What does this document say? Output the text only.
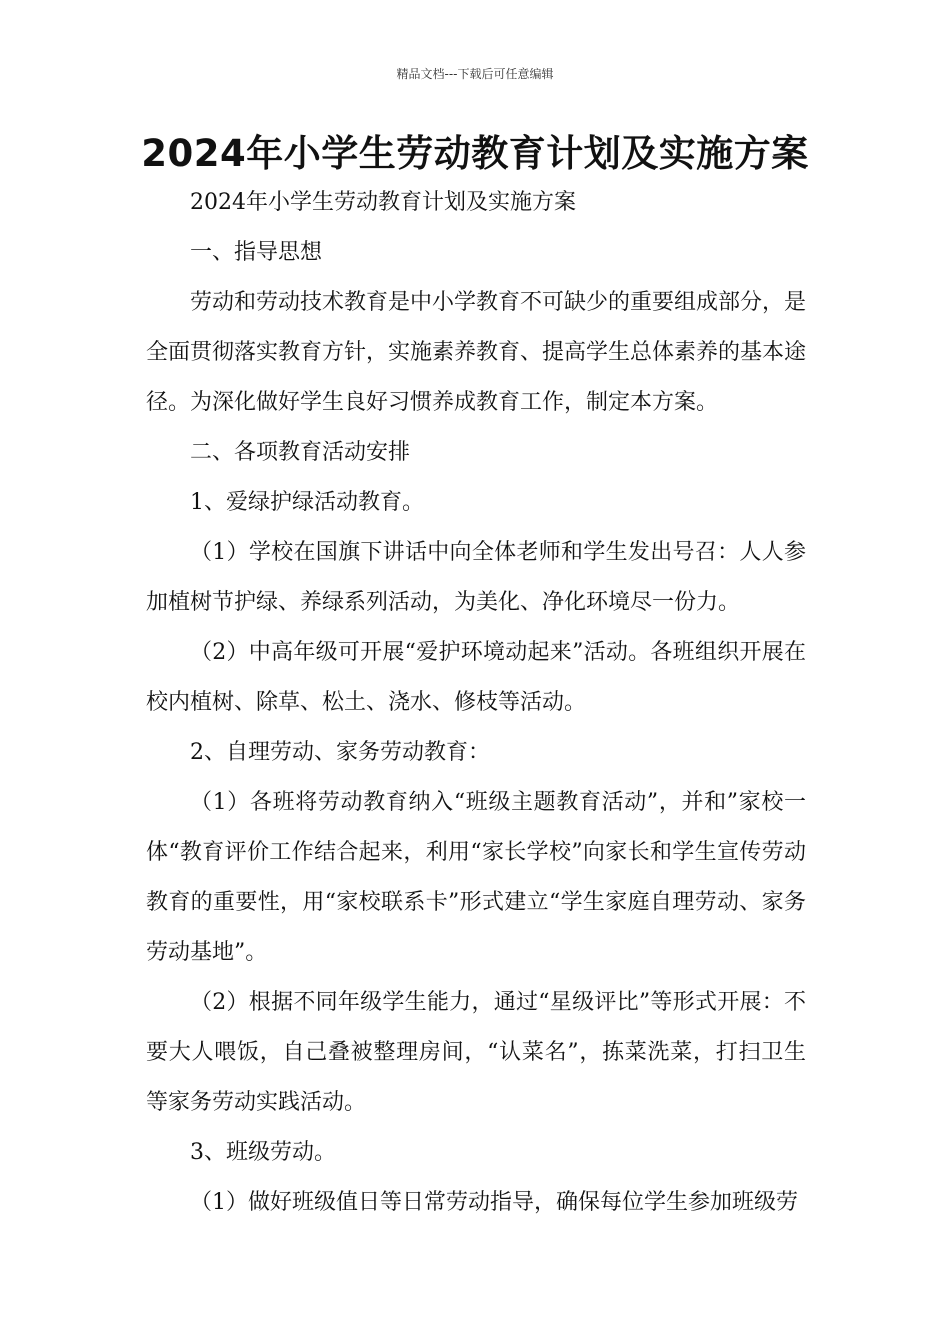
精品文档---下载后可任意编辑
2024年小学生劳动教育计划及实施方案

2024年小学生劳动教育计划及实施方案

一、指导思想

劳动和劳动技术教育是中小学教育不可缺少的重要组成部分，是全面贯彻落实教育方针，实施素养教育、提高学生总体素养的基本途径。为深化做好学生良好习惯养成教育工作，制定本方案。

二、各项教育活动安排

1、爱绿护绿活动教育。

（1）学校在国旗下讲话中向全体老师和学生发出号召：人人参加植树节护绿、养绿系列活动，为美化、净化环境尽一份力。

（2）中高年级可开展“爱护环境动起来”活动。各班组织开展在校内植树、除草、松土、浇水、修枝等活动。

2、自理劳动、家务劳动教育：

（1）各班将劳动教育纳入“班级主题教育活动”，并和”家校一体“教育评价工作结合起来，利用“家长学校”向家长和学生宣传劳动教育的重要性，用“家校联系卡”形式建立“学生家庭自理劳动、家务劳动基地”。

（2）根据不同年级学生能力，通过“星级评比”等形式开展：不要大人喂饭，自己叠被整理房间，“认菜名”，拣菜洗菜，打扫卫生等家务劳动实践活动。

3、班级劳动。

（1）做好班级值日等日常劳动指导，确保每位学生参加班级劳
